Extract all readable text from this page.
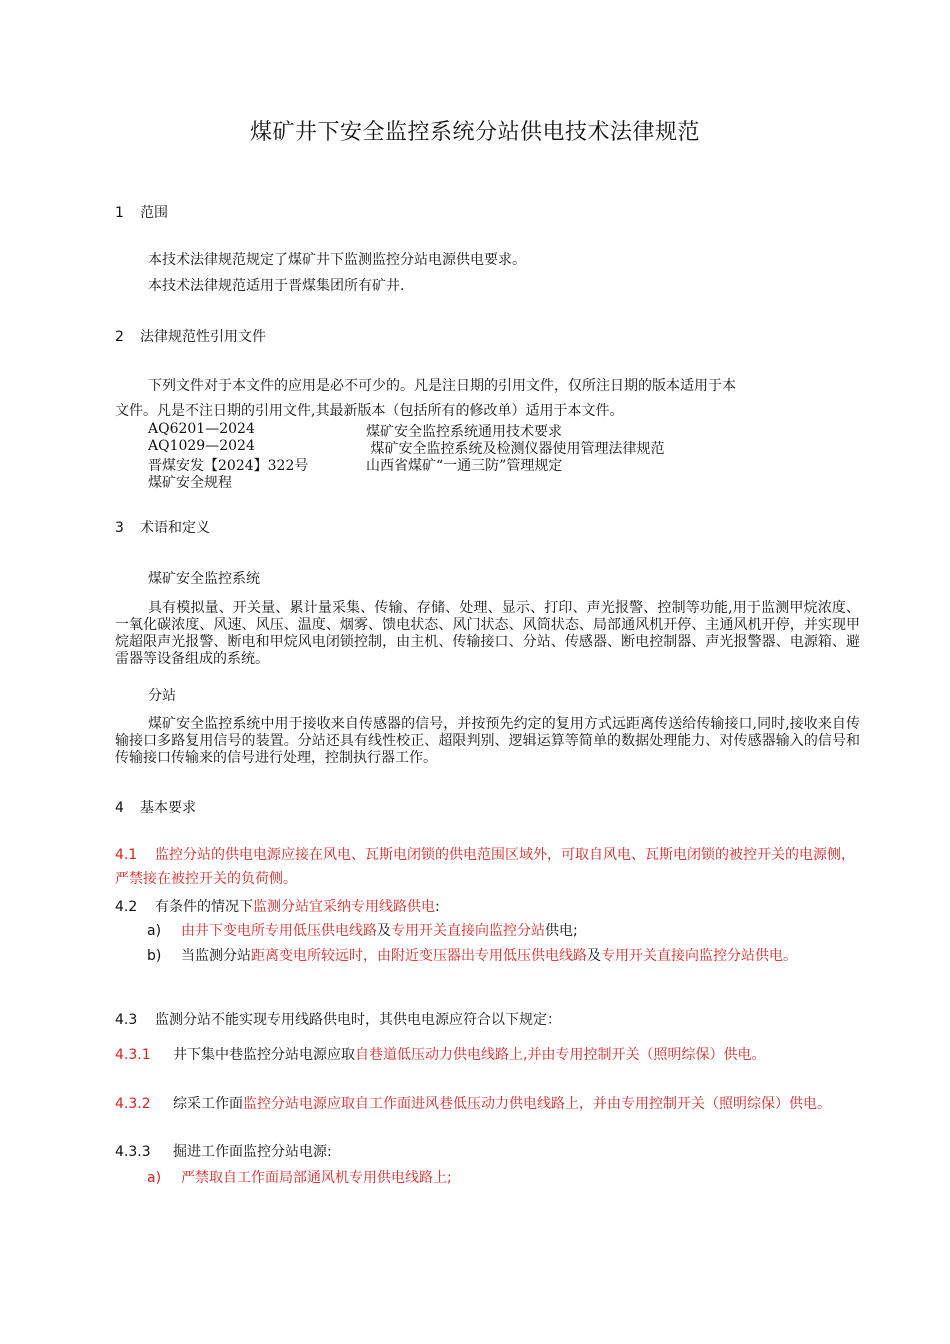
煤矿井下安全监控系统分站供电技术法律规范
1 范围
本技术法律规范规定了煤矿井下监测监控分站电源供电要求。
本技术法律规范适用于晋煤集团所有矿井.
2 法律规范性引用文件
下列文件对于本文件的应用是必不可少的。凡是注日期的引用文件，仅所注日期的版本适用于本
文件。凡是不注日期的引用文件,其最新版本（包括所有的修改单）适用于本文件。
AQ6201—2024	煤矿安全监控系统通用技术要求
AQ1029—2024	煤矿安全监控系统及检测仪器使用管理法律规范
晋煤安发【2024】322号	山西省煤矿“一通三防”管理规定
煤矿安全规程
3 术语和定义
煤矿安全监控系统
具有模拟量、开关量、累计量采集、传输、存储、处理、显示、打印、声光报警、控制等功能,用于监测甲烷浓度、一氧化碳浓度、风速、风压、温度、烟雾、馈电状态、风门状态、风筒状态、局部通风机开停、主通风机开停，并实现甲烷超限声光报警、断电和甲烷风电闭锁控制，由主机、传输接口、分站、传感器、断电控制器、声光报警器、电源箱、避雷器等设备组成的系统。
分站
煤矿安全监控系统中用于接收来自传感器的信号，并按预先约定的复用方式远距离传送给传输接口,同时,接收来自传输接口多路复用信号的装置。分站还具有线性校正、超限判别、逻辑运算等简单的数据处理能力、对传感器输入的信号和传输接口传输来的信号进行处理，控制执行器工作。
4 基本要求
4.1 监控分站的供电电源应接在风电、瓦斯电闭锁的供电范围区域外，可取自风电、瓦斯电闭锁的被控开关的电源侧，严禁接在被控开关的负荷侧。
4.2 有条件的情况下监测分站宜采纳专用线路供电:
a) 由井下变电所专用低压供电线路及专用开关直接向监控分站供电;
b) 当监测分站距离变电所较远时，由附近变压器出专用低压供电线路及专用开关直接向监控分站供电。
4.3 监测分站不能实现专用线路供电时，其供电电源应符合以下规定：
4.3.1 井下集中巷监控分站电源应取自巷道低压动力供电线路上,并由专用控制开关（照明综保）供电。
4.3.2 综采工作面监控分站电源应取自工作面进风巷低压动力供电线路上，并由专用控制开关（照明综保）供电。
4.3.3 掘进工作面监控分站电源:
a) 严禁取自工作面局部通风机专用供电线路上;
